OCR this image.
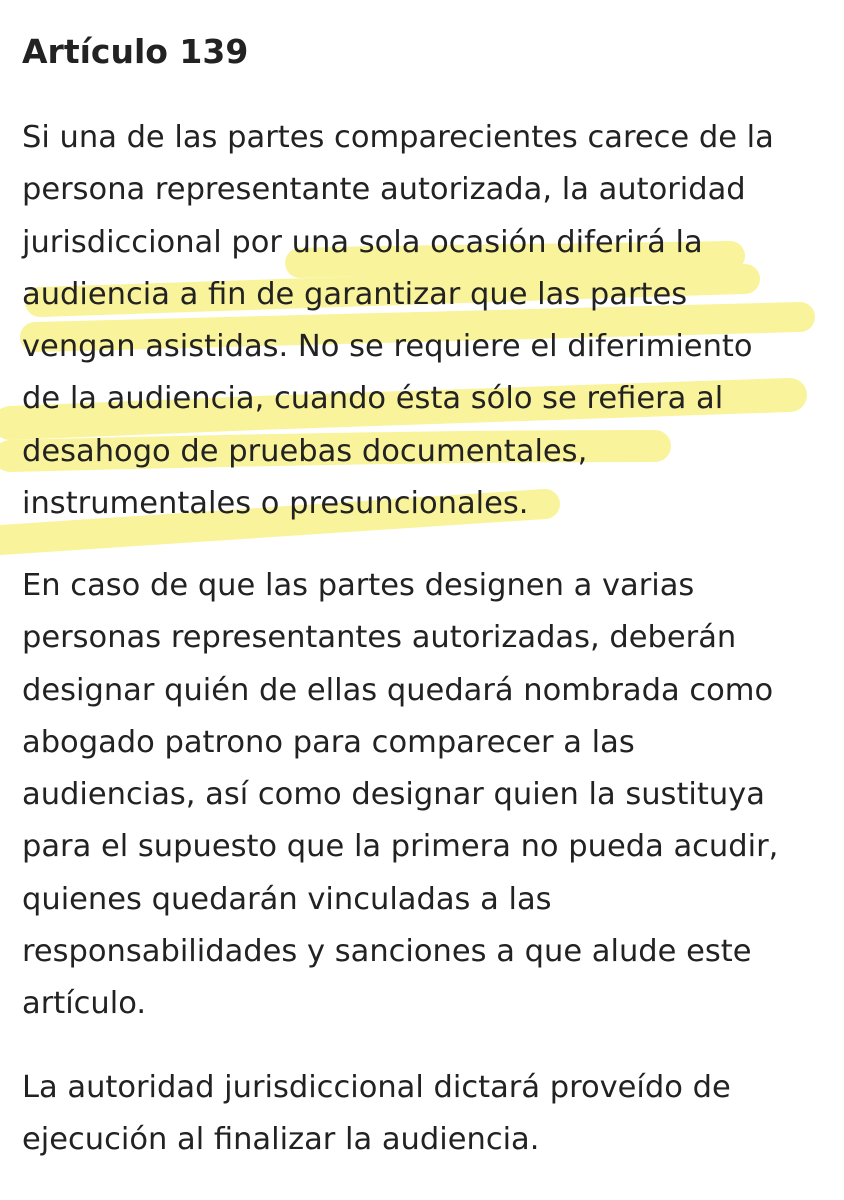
Artículo 139

Si una de las partes comparecientes carece de la
persona representante autorizada, la autoridad
jurisdiccional por una sola ocasión diferirá la
audiencia a fin de garantizar que las partes
vengan asistidas. No se requiere el diferimiento
de la audiencia, cuando ésta sólo se refiera al
desahogo de pruebas documentales,
instrumentales o presuncionales.

En caso de que las partes designen a varias
personas representantes autorizadas, deberán
designar quién de ellas quedará nombrada como
abogado patrono para comparecer a las
audiencias, así como designar quien la sustituya
para el supuesto que la primera no pueda acudir,
quienes quedarán vinculadas a las
responsabilidades y sanciones a que alude este
artículo.

La autoridad jurisdiccional dictará proveído de
ejecución al finalizar la audiencia.
